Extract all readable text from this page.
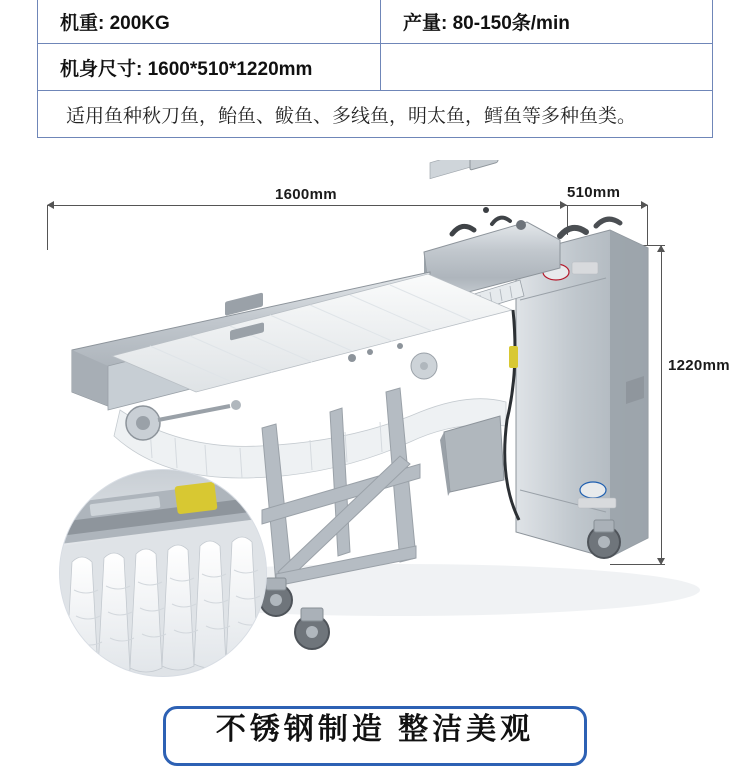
机重: 200KG	产量: 80-150条/min
机身尺寸: 1600*510*1220mm	
适用鱼种秋刀鱼，鲐鱼、鲅鱼、多线鱼，明太鱼，鳕鱼等多种鱼类。	
1600mm	510mm
1220mm
不锈钢制造 整洁美观
